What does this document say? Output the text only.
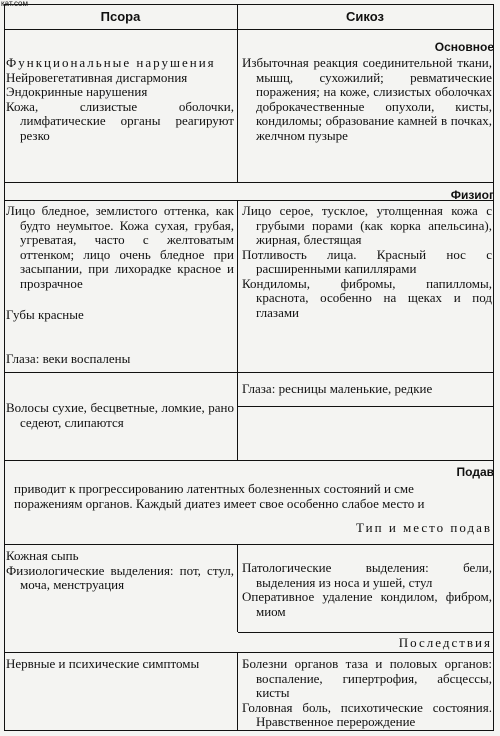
кат.сом
Псора	Сикоз
Основное
Функциональные нарушения
Нейровегетативная дисгармония
Эндокринные нарушения
Кожа, слизистые оболочки, лимфатические органы реагируют резко
Избыточная реакция соединительной ткани, мышц, сухожилий; ревматические поражения; на коже, слизистых оболочках доброкачественные опухоли, кисты, кондиломы; образование камней в почках, желчном пузыре
Физиог
Лицо бледное, землистого оттенка, как будто неумытое. Кожа сухая, грубая, угреватая, часто с желтоватым оттенком; лицо очень бледное при засыпании, при лихорадке красное и прозрачное
Губы красные
Глаза: веки воспалены
Волосы сухие, бесцветные, ломкие, рано седеют, слипаются
Лицо серое, тусклое, утолщенная кожа с грубыми порами (как корка апельсина), жирная, блестящая
Потливость лица. Красный нос с расширенными капиллярами
Кондиломы, фибромы, папилломы, краснота, особенно на щеках и под глазами
Глаза: ресницы маленькие, редкие
Подав
приводит к прогрессированию латентных болезненных состояний и сме поражениям органов. Каждый диатез имеет свое особенно слабое место и
Тип и место подав
Кожная сыпь
Физиологические выделения: пот, стул, моча, менструация
Патологические выделения: бели, выделения из носа и ушей, стул
Оперативное удаление кондилом, фибром, миом
Последствия
Нервные и психические симптомы	Болезни органов таза и половых органов: воспаление, гипертрофия, абсцессы, кисты
Головная боль, психотические состояния. Нравственное перерождение
